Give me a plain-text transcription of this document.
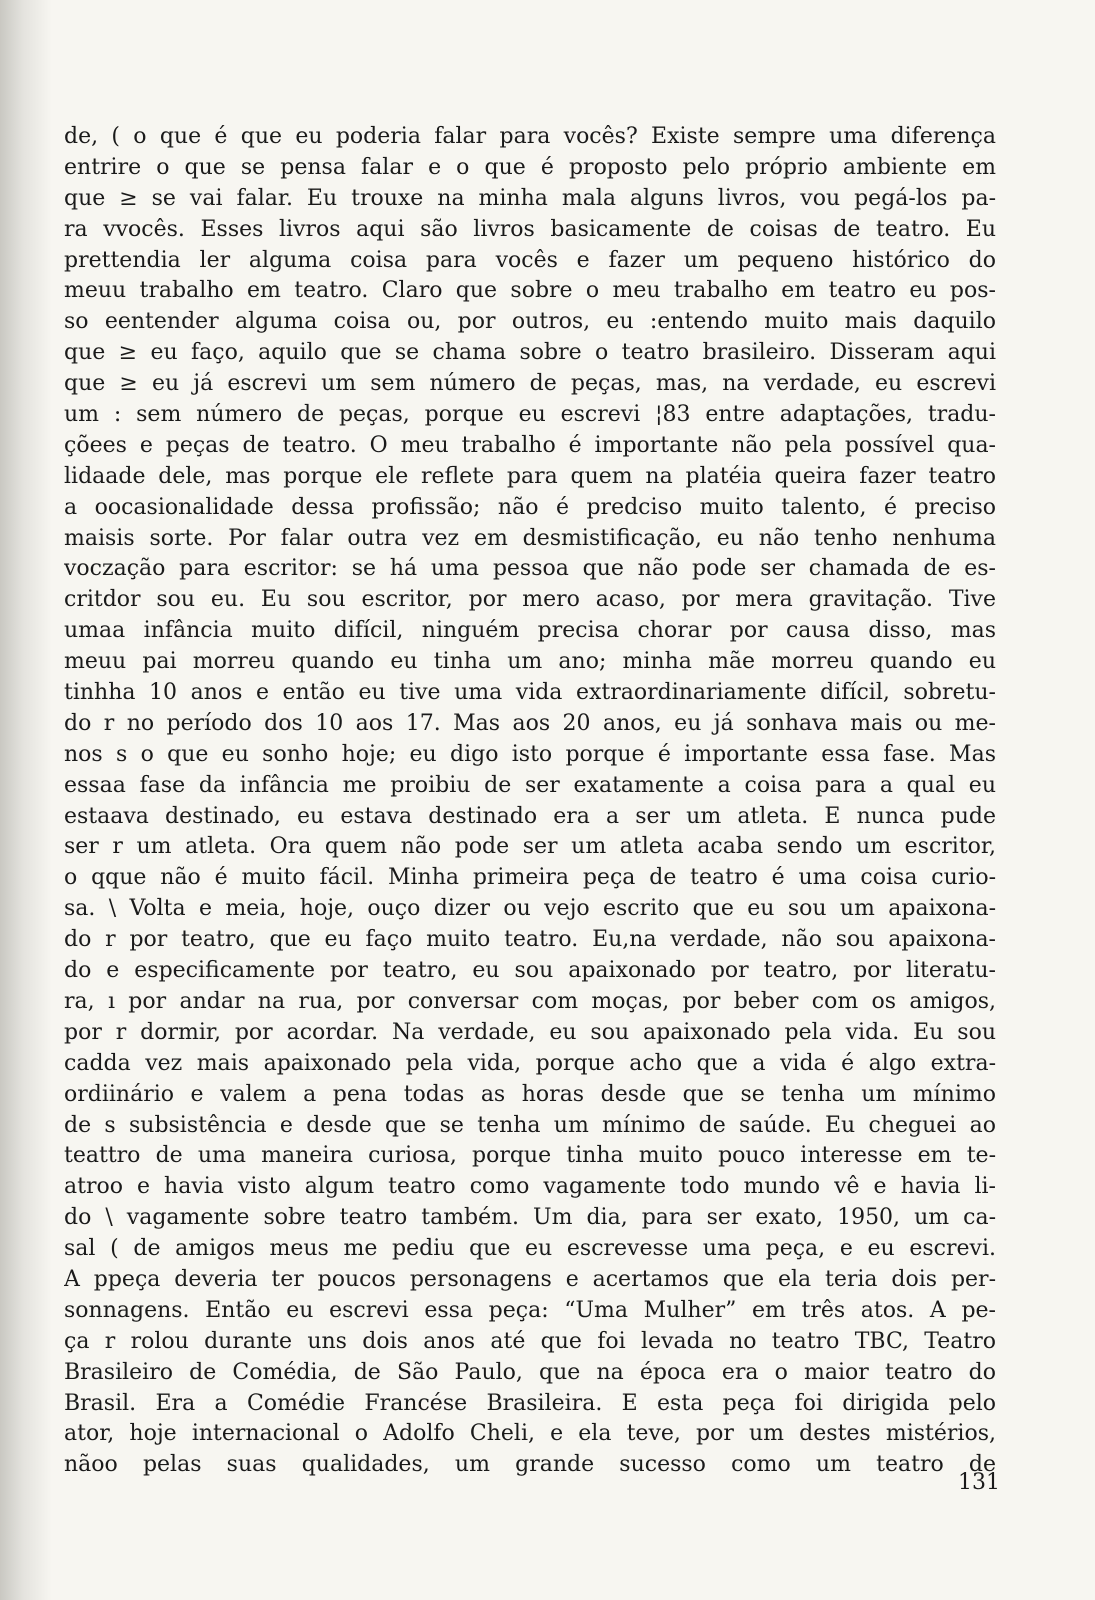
de, ( o que é que eu poderia falar para vocês? Existe sempre uma diferença
entrire o que se pensa falar e o que é proposto pelo próprio ambiente em
que ≥ se vai falar. Eu trouxe na minha mala alguns livros, vou pegá-los pa-
ra vvocês. Esses livros aqui são livros basicamente de coisas de teatro. Eu
prettendia ler alguma coisa para vocês e fazer um pequeno histórico do
meuu trabalho em teatro. Claro que sobre o meu trabalho em teatro eu pos-
so eentender alguma coisa ou, por outros, eu :entendo muito mais daquilo
que ≥ eu faço, aquilo que se chama sobre o teatro brasileiro. Disseram aqui
que ≥ eu já escrevi um sem número de peças, mas, na verdade, eu escrevi
um : sem número de peças, porque eu escrevi ¦83 entre adaptações, tradu-
çõees e peças de teatro. O meu trabalho é importante não pela possível qua-
lidaade dele, mas porque ele reflete para quem na platéia queira fazer teatro
a oocasionalidade dessa profissão; não é predciso muito talento, é preciso
maisis sorte. Por falar outra vez em desmistificação, eu não tenho nenhuma
voczação para escritor: se há uma pessoa que não pode ser chamada de es-
critdor sou eu. Eu sou escritor, por mero acaso, por mera gravitação. Tive
umaa infância muito difícil, ninguém precisa chorar por causa disso, mas
meuu pai morreu quando eu tinha um ano; minha mãe morreu quando eu
tinhha 10 anos e então eu tive uma vida extraordinariamente difícil, sobretu-
do r no período dos 10 aos 17. Mas aos 20 anos, eu já sonhava mais ou me-
nos s o que eu sonho hoje; eu digo isto porque é importante essa fase. Mas
essaa fase da infância me proibiu de ser exatamente a coisa para a qual eu
estaava destinado, eu estava destinado era a ser um atleta. E nunca pude
ser r um atleta. Ora quem não pode ser um atleta acaba sendo um escritor,
o qque não é muito fácil. Minha primeira peça de teatro é uma coisa curio-
sa. \ Volta e meia, hoje, ouço dizer ou vejo escrito que eu sou um apaixona-
do r por teatro, que eu faço muito teatro. Eu,na verdade, não sou apaixona-
do e especificamente por teatro, eu sou apaixonado por teatro, por literatu-
ra, ı por andar na rua, por conversar com moças, por beber com os amigos,
por r dormir, por acordar. Na verdade, eu sou apaixonado pela vida. Eu sou
cadda vez mais apaixonado pela vida, porque acho que a vida é algo extra-
ordiinário e valem a pena todas as horas desde que se tenha um mínimo
de s subsistência e desde que se tenha um mínimo de saúde. Eu cheguei ao
teattro de uma maneira curiosa, porque tinha muito pouco interesse em te-
atroo e havia visto algum teatro como vagamente todo mundo vê e havia li-
do \ vagamente sobre teatro também. Um dia, para ser exato, 1950, um ca-
sal ( de amigos meus me pediu que eu escrevesse uma peça, e eu escrevi.
A ppeça deveria ter poucos personagens e acertamos que ela teria dois per-
sonnagens. Então eu escrevi essa peça: “Uma Mulher” em três atos. A pe-
ça r rolou durante uns dois anos até que foi levada no teatro TBC, Teatro
Brasileiro de Comédia, de São Paulo, que na época era o maior teatro do
Brasil. Era a Comédie Francése Brasileira. E esta peça foi dirigida pelo
ator, hoje internacional o Adolfo Cheli, e ela teve, por um destes mistérios,
nãoo pelas suas qualidades, um grande sucesso como um teatro de
131
